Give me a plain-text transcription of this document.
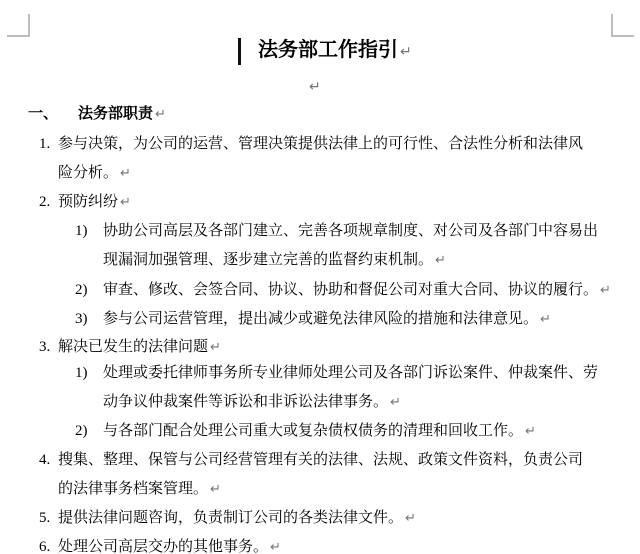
法务部工作指引 ↵
↵
一、 法务部职责 ↵
1. 参与决策，为公司的运营、管理决策提供法律上的可行性、合法性分析和法律风
险分析。 ↵
2. 预防纠纷 ↵
1) 协助公司高层及各部门建立、完善各项规章制度、对公司及各部门中容易出
现漏洞加强管理、逐步建立完善的监督约束机制。 ↵
2) 审查、修改、会签合同、协议、协助和督促公司对重大合同、协议的履行。 ↵
3) 参与公司运营管理，提出减少或避免法律风险的措施和法律意见。 ↵
3. 解决已发生的法律问题 ↵
1) 处理或委托律师事务所专业律师处理公司及各部门诉讼案件、仲裁案件、劳
动争议仲裁案件等诉讼和非诉讼法律事务。 ↵
2) 与各部门配合处理公司重大或复杂债权债务的清理和回收工作。 ↵
4. 搜集、整理、保管与公司经营管理有关的法律、法规、政策文件资料，负责公司
的法律事务档案管理。 ↵
5. 提供法律问题咨询，负责制订公司的各类法律文件。 ↵
6. 处理公司高层交办的其他事务。 ↵
